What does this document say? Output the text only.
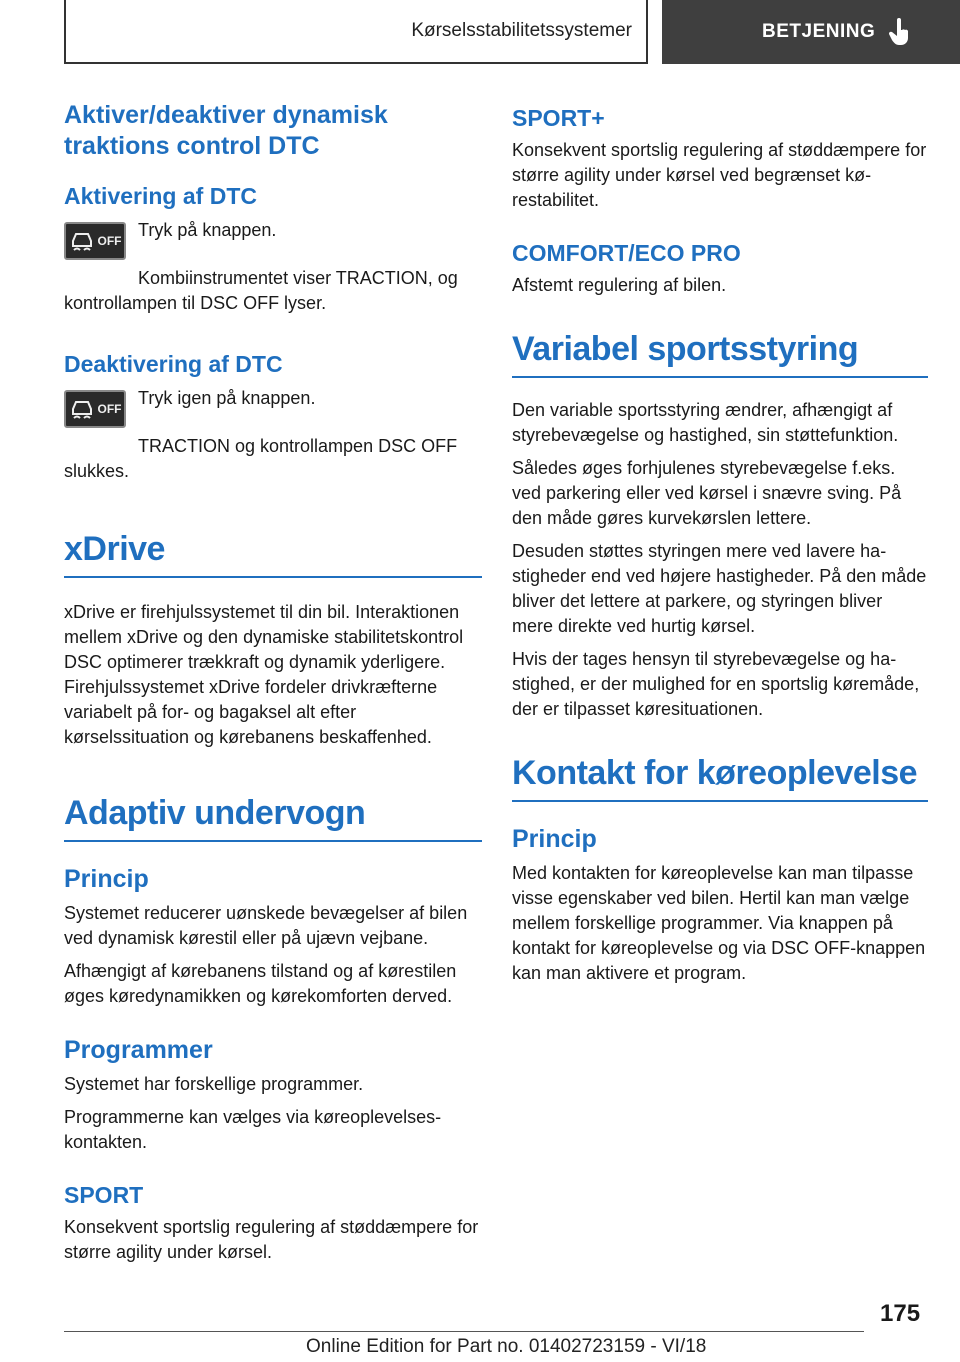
Kørselsstabilitetssystemer	BETJENING
Aktiver/deaktiver dynamisk traktions control DTC
Aktivering af DTC
OFF

Tryk på knappen.

Kombiinstrumentet viser TRACTION, og kontrollampen til DSC OFF lyser.

Deaktivering af DTC
OFF

Tryk igen på knappen.

TRACTION og kontrollampen DSC OFF slukkes.

xDrive

xDrive er firehjulssystemet til din bil. Interaktionen mellem xDrive og den dynamiske stabilitetskontrol DSC optimerer trækkraft og dynamik yderligere. Firehjulssystemet xDrive fordeler drivkræfterne variabelt på for- og bagaksel alt efter kørselssituation og kørebanens beskaffenhed.

Adaptiv undervogn
Princip

Systemet reducerer uønskede bevægelser af bilen ved dynamisk kørestil eller på ujævn vejbane.

Afhængigt af kørebanens tilstand og af kørestilen øges køredynamikken og kørekomforten derved.

Programmer

Systemet har forskellige programmer.

Programmerne kan vælges via køreoplevelseskontakten.

SPORT

Konsekvent sportslig regulering af støddæmpere for større agility under kørsel.

SPORT+

Konsekvent sportslig regulering af støddæmpere for større agility under kørsel ved begrænset kørestabilitet.

COMFORT/ECO PRO

Afstemt regulering af bilen.

Variabel sportsstyring

Den variable sportsstyring ændrer, afhængigt af styrebevægelse og hastighed, sin støttefunktion.

Således øges forhjulenes styrebevægelse f.eks. ved parkering eller ved kørsel i snævre sving. På den måde gøres kurvekørslen lettere.

Desuden støttes styringen mere ved lavere hastigheder end ved højere hastigheder. På den måde bliver det lettere at parkere, og styringen bliver mere direkte ved hurtig kørsel.

Hvis der tages hensyn til styrebevægelse og hastighed, er der mulighed for en sportslig køremåde, der er tilpasset køresituationen.

Kontakt for køreoplevelse
Princip

Med kontakten for køreoplevelse kan man tilpasse visse egenskaber ved bilen. Hertil kan man vælge mellem forskellige programmer. Via knappen på kontakt for køreoplevelse og via DSC OFF-knappen kan man aktivere et program.

175
Online Edition for Part no. 01402723159 - VI/18
